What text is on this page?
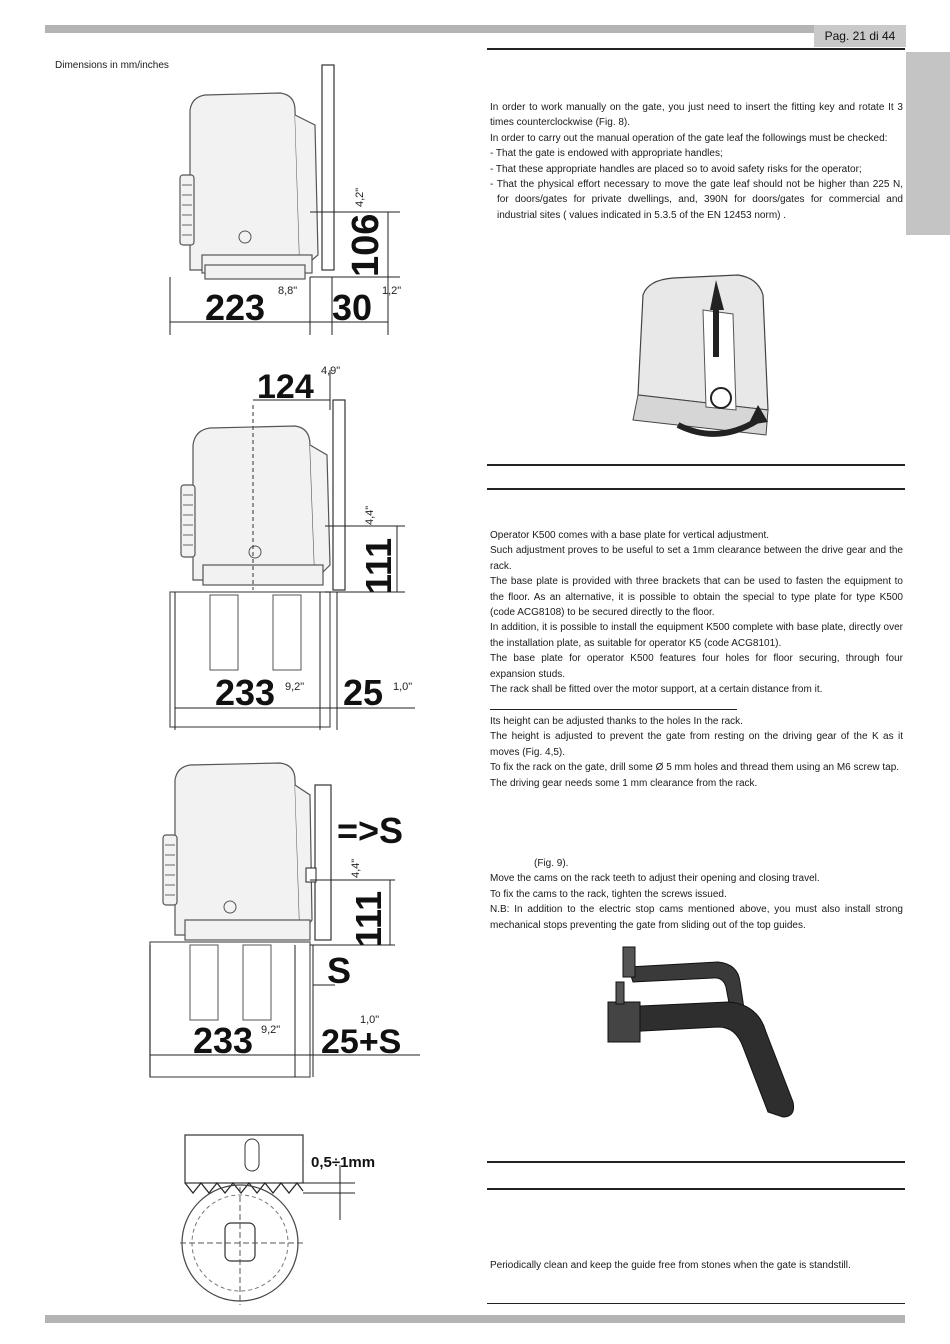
Pag. 21 di 44
Dimensions in mm/inches
106
4,2"
223 8,8" 30 1,2"
124 4,9"
111
4,4"
233 9,2" 25 1,0"
=>S
111
4,4"
S
233 9,2" 25+S
1,0"
0,5÷1mm

In order to work manually on the gate, you just need to insert the fitting key and rotate It 3 times counterclockwise (Fig. 8).

In order to carry out the manual operation of the gate leaf the followings must be checked:

- That the gate is endowed with appropriate handles;

- That these appropriate handles are placed so to avoid safety risks for the operator;

- That the physical effort necessary to move the gate leaf should not be higher than 225 N, for doors/gates for private dwellings, and, 390N for doors/gates for commercial and industrial sites ( values indicated in 5.3.5 of the EN 12453 norm) .

Operator K500 comes with a base plate for vertical adjustment.

Such adjustment proves to be useful to set a 1mm clearance between the drive gear and the rack.

The base plate is provided with three brackets that can be used to fasten the equipment to the floor. As an alternative, it is possible to obtain the special to type plate for type K500 (code ACG8108) to be secured directly to the floor.

In addition, it is possible to install the equipment K500 complete with base plate, directly over the installation plate, as suitable for operator K5 (code ACG8101).

The base plate for operator K500 features four holes for floor securing, through four expansion studs.

The rack shall be fitted over the motor support, at a certain distance from it.

Its height can be adjusted thanks to the holes In the rack.

The height is adjusted to prevent the gate from resting on the driving gear of the K as it moves (Fig. 4,5).

To fix the rack on the gate, drill some Ø 5 mm holes and thread them using an M6 screw tap.

The driving gear needs some 1 mm clearance from the rack.

(Fig. 9).

Move the cams on the rack teeth to adjust their opening and closing travel.

To fix the cams to the rack, tighten the screws issued.

N.B: In addition to the electric stop cams mentioned above, you must also install strong mechanical stops preventing the gate from sliding out of the top guides.

Periodically clean and keep the guide free from stones when the gate is standstill.
